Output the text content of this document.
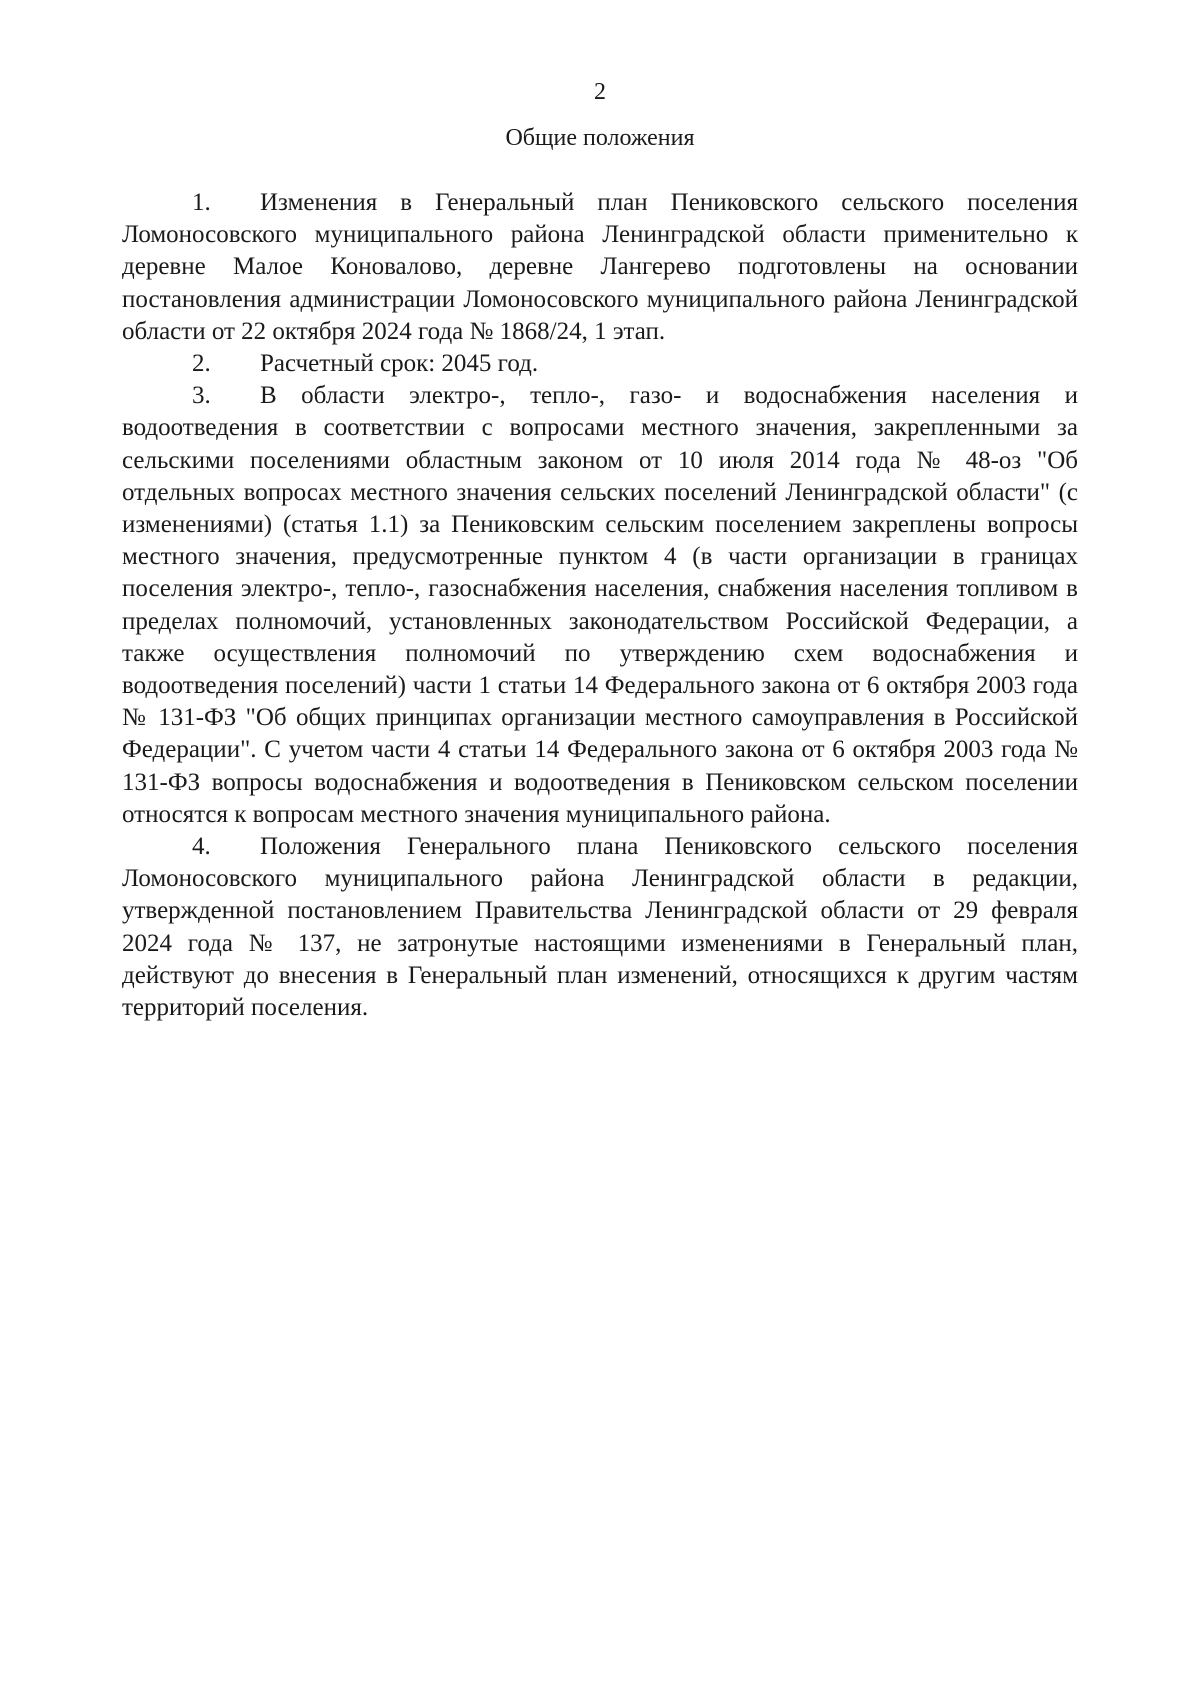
2
Общие положения

1. Изменения в Генеральный план Пениковского сельского поселения Ломоносовского муниципального района Ленинградской области применительно к деревне Малое Коновалово, деревне Лангерево подготовлены на основании постановления администрации Ломоносовского муниципального района Ленинградской области от 22 октября 2024 года № 1868/24, 1 этап.

2. Расчетный срок: 2045 год.

3. В области электро-, тепло-, газо- и водоснабжения населения и водоотведения в соответствии с вопросами местного значения, закрепленными за сельскими поселениями областным законом от 10 июля 2014 года № 48-оз "Об отдельных вопросах местного значения сельских поселений Ленинградской области" (с изменениями) (статья 1.1) за Пениковским сельским поселением закреплены вопросы местного значения, предусмотренные пунктом 4 (в части организации в границах поселения электро-, тепло-, газоснабжения населения, снабжения населения топливом в пределах полномочий, установленных законодательством Российской Федерации, а также осуществления полномочий по утверждению схем водоснабжения и водоотведения поселений) части 1 статьи 14 Федерального закона от 6 октября 2003 года № 131-ФЗ "Об общих принципах организации местного самоуправления в Российской Федерации". С учетом части 4 статьи 14 Федерального закона от 6 октября 2003 года № 131-ФЗ вопросы водоснабжения и водоотведения в Пениковском сельском поселении относятся к вопросам местного значения муниципального района.

4. Положения Генерального плана Пениковского сельского поселения Ломоносовского муниципального района Ленинградской области в редакции, утвержденной постановлением Правительства Ленинградской области от 29 февраля 2024 года № 137, не затронутые настоящими изменениями в Генеральный план, действуют до внесения в Генеральный план изменений, относящихся к другим частям территорий поселения.
